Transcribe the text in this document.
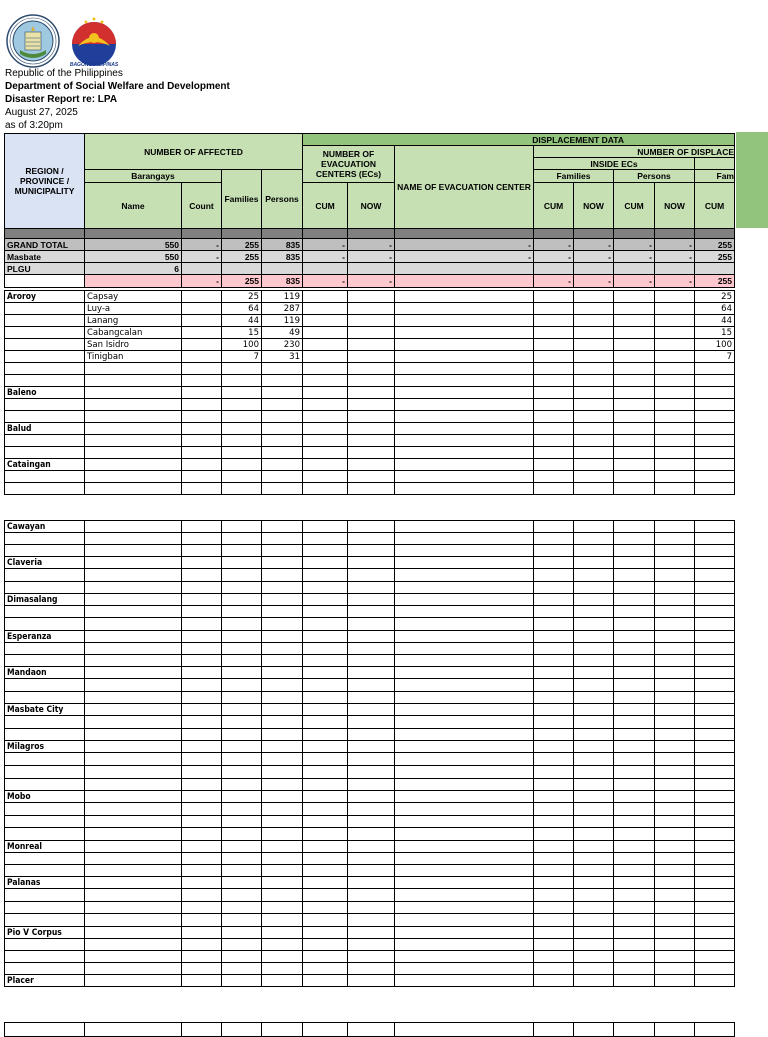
BAGONG PILIPINAS
Republic of the Philippines
Department of Social Welfare and Development
Disaster Report re: LPA
August 27, 2025
as of 3:20pm
REGION / PROVINCE / MUNICIPALITY	NUMBER OF AFFECTED				DISPLACEMENT DATA							

					NUMBER OF EVACUATION CENTERS (ECs)		NAME OF EVACUATION CENTER	NUMBER OF DISPLACE				
								INSIDE ECs				
	Barangays		Families	Persons				Families		Persons		Fam
	Name	Count			CUM	NOW		CUM	NOW	CUM	NOW	CUM

GRAND TOTAL	550	-	255	835	-	-	-	-	-	-	-	255
Masbate	550	-	255	835	-	-	-	-	-	-	-	255
PLGU	6											
		-	255	835	-	-		-	-	-	-	255
Aroroy	Capsay		25	119								25
	Luy-a		64	287								64
	Lanang		44	119								44
	Cabangcalan		15	49								15
	San Isidro		100	230								100
	Tinigban		7	31								7

Baleno												

Balud												

Cataingan												

Cawayan												

Claveria												

Dimasalang												

Esperanza												

Mandaon												

Masbate City												

Milagros												

Mobo												

Monreal												

Palanas												

Pio V Corpus												

Placer												
